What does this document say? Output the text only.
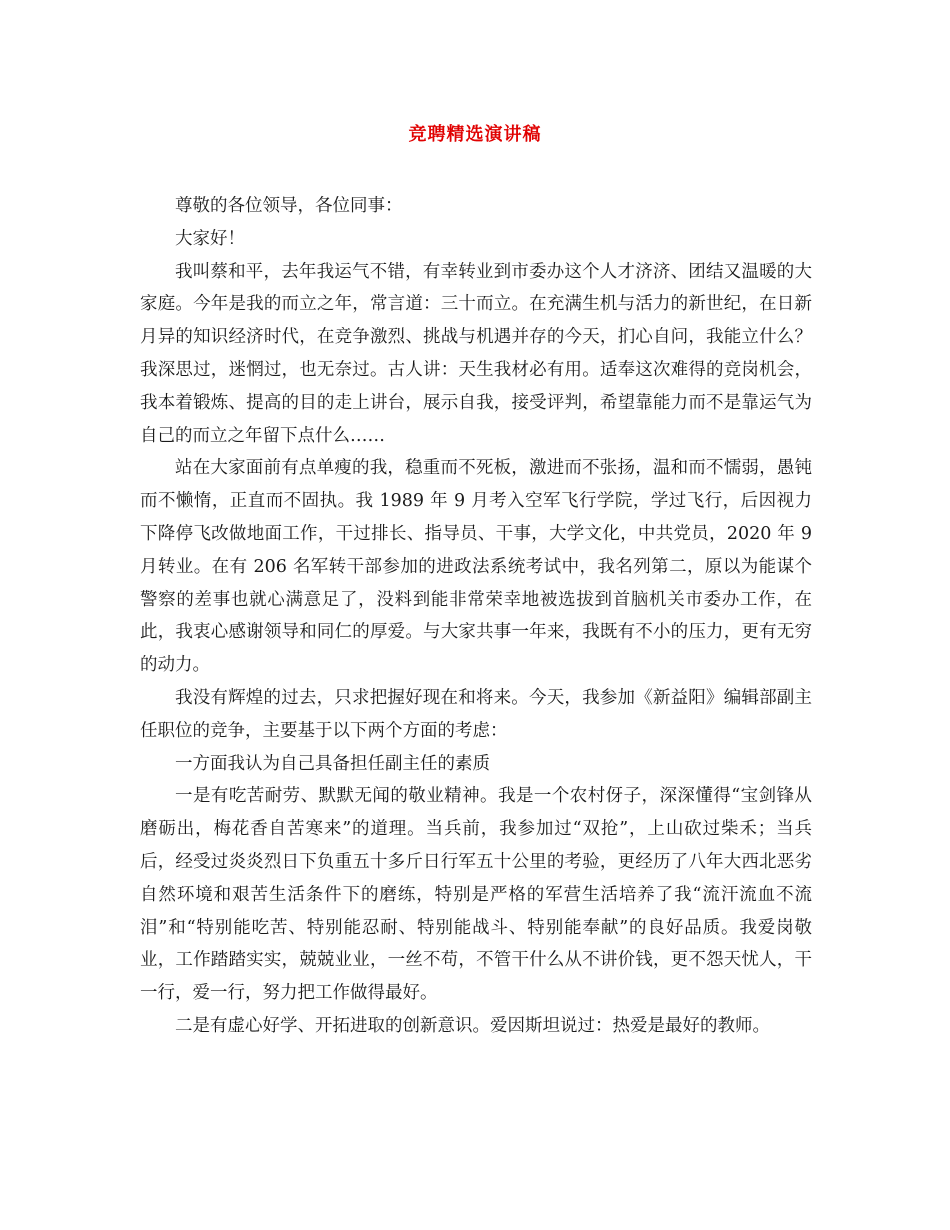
竞聘精选演讲稿

尊敬的各位领导，各位同事：

大家好！

我叫蔡和平，去年我运气不错，有幸转业到市委办这个人才济济、团结又温暖的大家庭。今年是我的而立之年，常言道：三十而立。在充满生机与活力的新世纪，在日新月异的知识经济时代，在竞争激烈、挑战与机遇并存的今天，扪心自问，我能立什么？我深思过，迷惘过，也无奈过。古人讲：天生我材必有用。适奉这次难得的竞岗机会，我本着锻炼、提高的目的走上讲台，展示自我，接受评判，希望靠能力而不是靠运气为自己的而立之年留下点什么……

站在大家面前有点单瘦的我，稳重而不死板，激进而不张扬，温和而不懦弱，愚钝而不懒惰，正直而不固执。我 1989 年 9 月考入空军飞行学院，学过飞行，后因视力下降停飞改做地面工作，干过排长、指导员、干事，大学文化，中共党员，2020 年 9 月转业。在有 206 名军转干部参加的进政法系统考试中，我名列第二，原以为能谋个警察的差事也就心满意足了，没料到能非常荣幸地被选拔到首脑机关市委办工作，在此，我衷心感谢领导和同仁的厚爱。与大家共事一年来，我既有不小的压力，更有无穷的动力。

我没有辉煌的过去，只求把握好现在和将来。今天，我参加《新益阳》编辑部副主任职位的竞争，主要基于以下两个方面的考虑：

一方面我认为自己具备担任副主任的素质

一是有吃苦耐劳、默默无闻的敬业精神。我是一个农村伢子，深深懂得“宝剑锋从磨砺出，梅花香自苦寒来”的道理。当兵前，我参加过“双抢”，上山砍过柴禾；当兵后，经受过炎炎烈日下负重五十多斤日行军五十公里的考验，更经历了八年大西北恶劣自然环境和艰苦生活条件下的磨练，特别是严格的军营生活培养了我“流汗流血不流泪”和“特别能吃苦、特别能忍耐、特别能战斗、特别能奉献”的良好品质。我爱岗敬业，工作踏踏实实，兢兢业业，一丝不苟，不管干什么从不讲价钱，更不怨天忧人，干一行，爱一行，努力把工作做得最好。

二是有虚心好学、开拓进取的创新意识。爱因斯坦说过：热爱是最好的教师。
